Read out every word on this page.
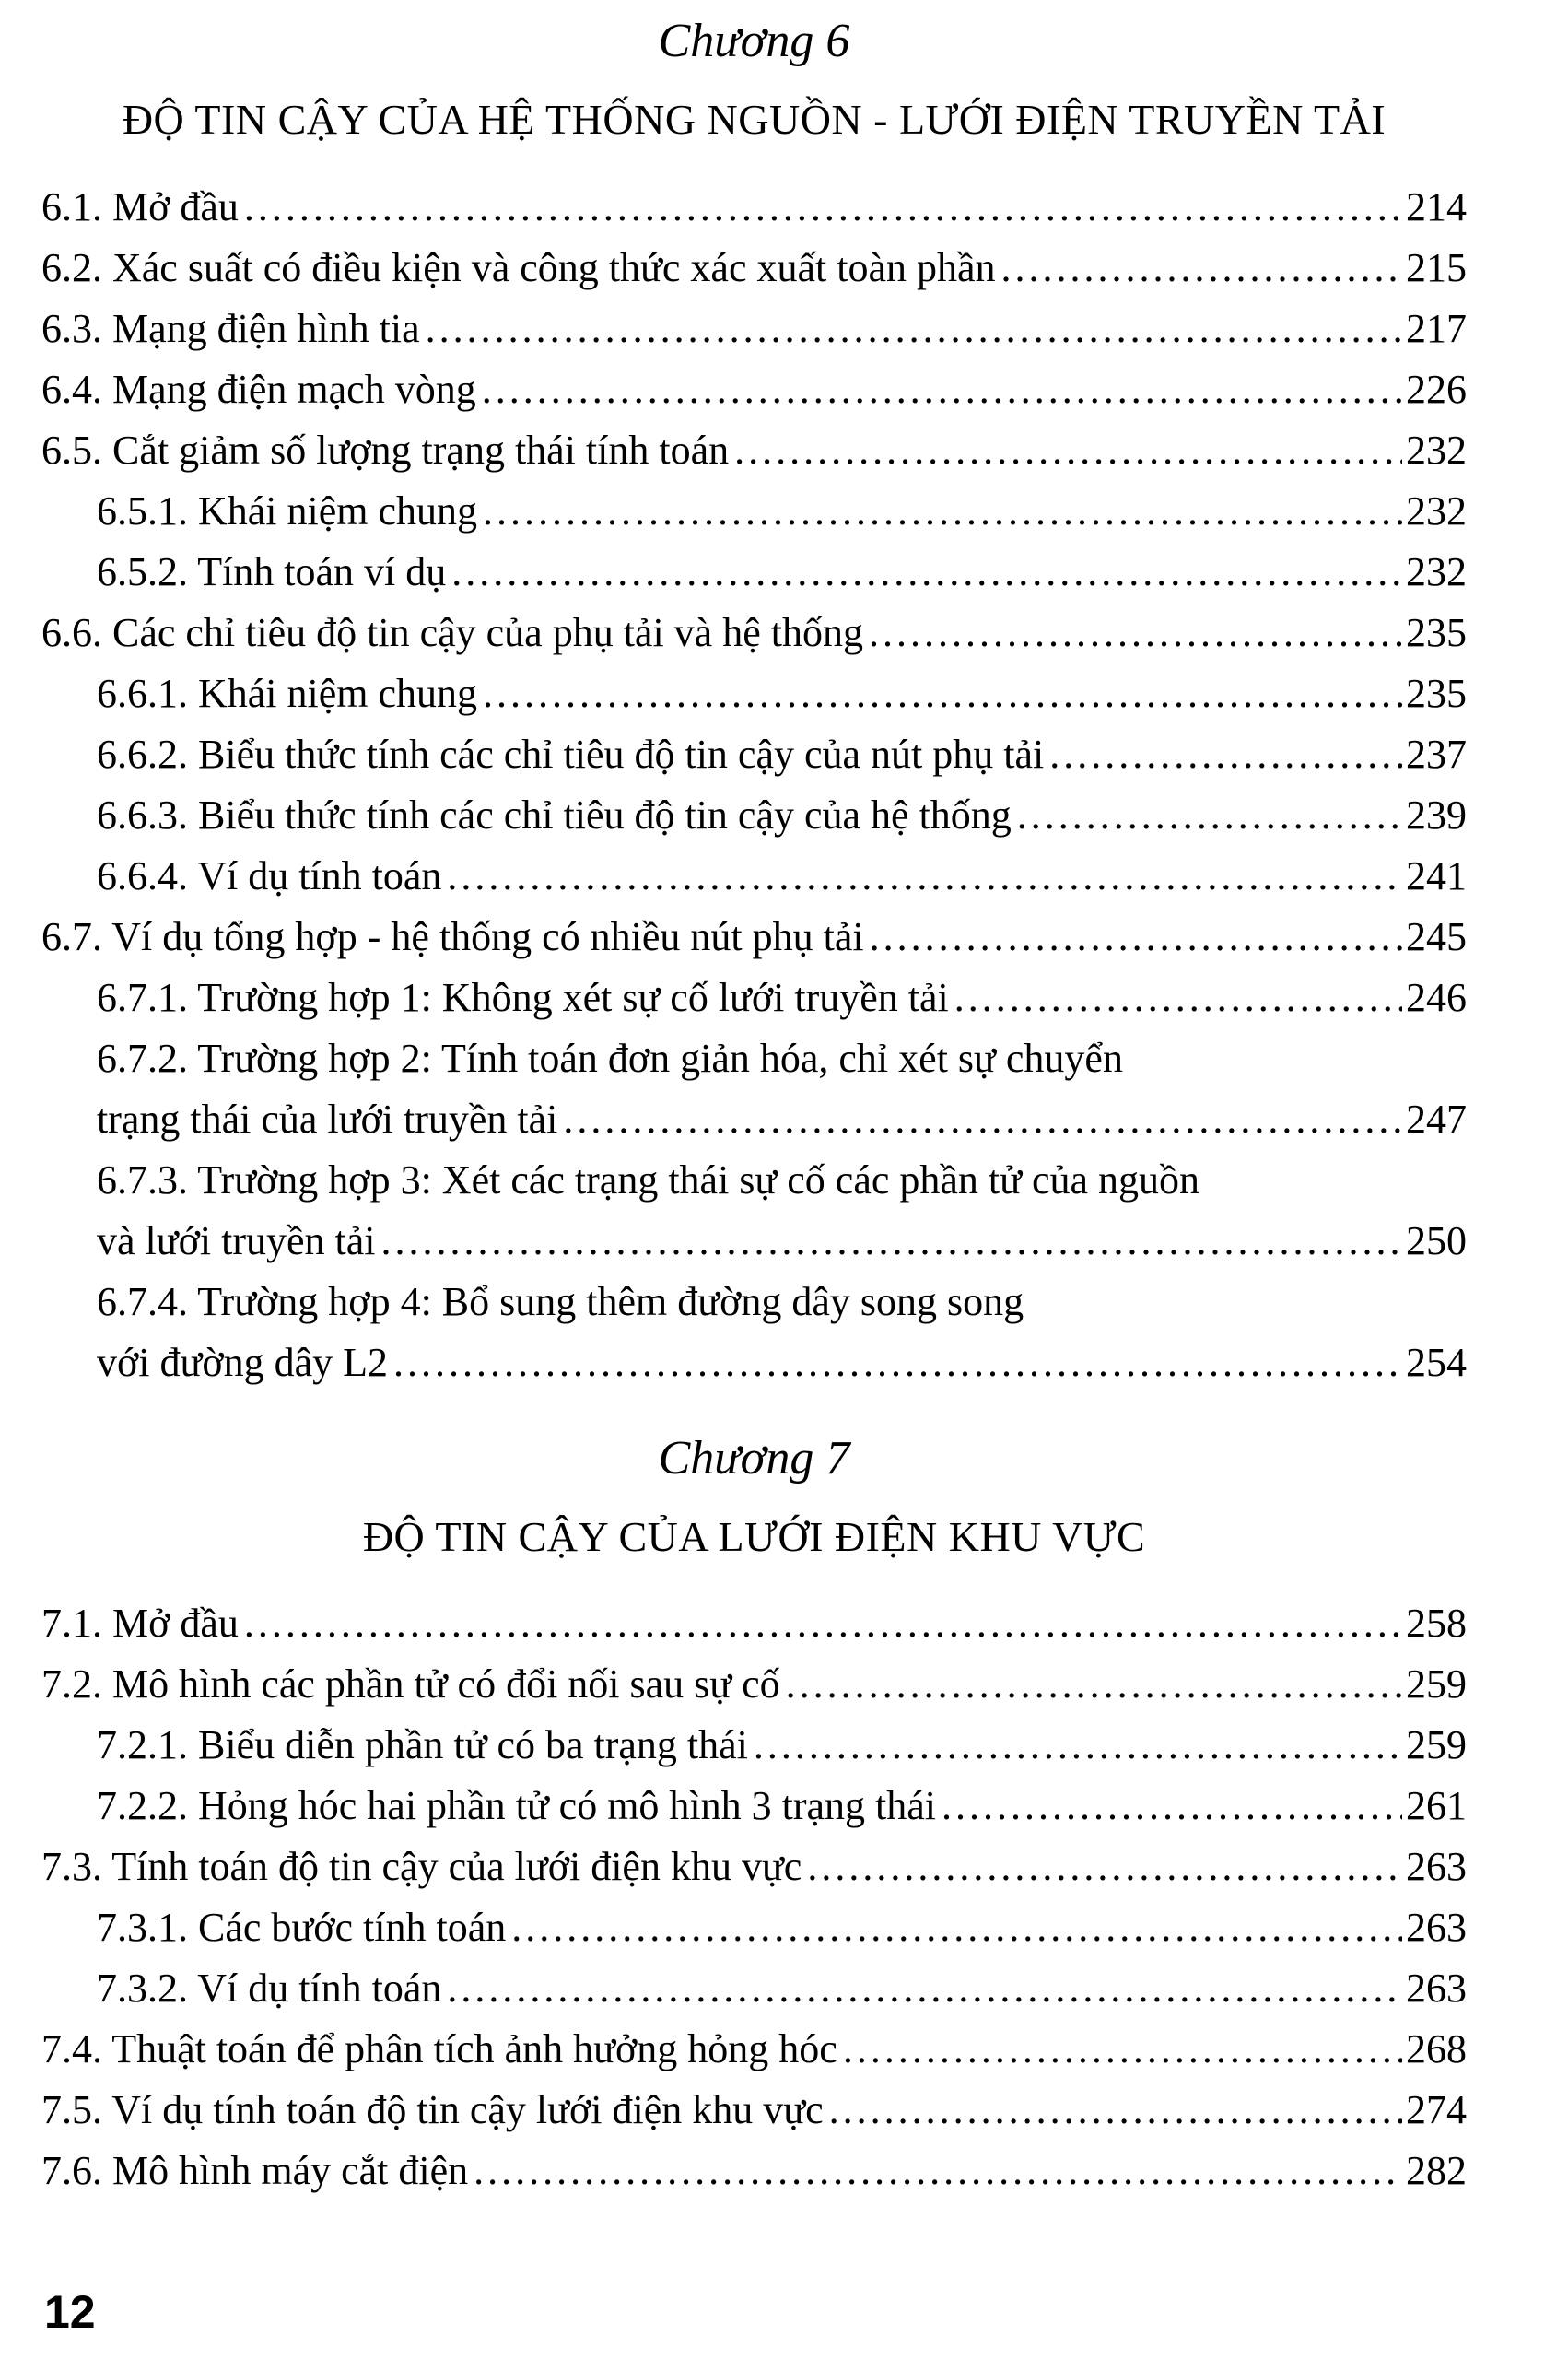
Chương 6
ĐỘ TIN CẬY CỦA HỆ THỐNG NGUỒN - LƯỚI ĐIỆN TRUYỀN TẢI
6.1. Mở đầu .....	214
6.2. Xác suất có điều kiện và công thức xác xuất toàn phần .....	215
6.3. Mạng điện hình tia .....	217
6.4. Mạng điện mạch vòng .....	226
6.5. Cắt giảm số lượng trạng thái tính toán .....	232
6.5.1. Khái niệm chung .....	232
6.5.2. Tính toán ví dụ .....	232
6.6. Các chỉ tiêu độ tin cậy của phụ tải và hệ thống .....	235
6.6.1. Khái niệm chung .....	235
6.6.2. Biểu thức tính các chỉ tiêu độ tin cậy của nút phụ tải .....	237
6.6.3. Biểu thức tính các chỉ tiêu độ tin cậy của hệ thống .....	239
6.6.4. Ví dụ tính toán .....	241
6.7. Ví dụ tổng hợp - hệ thống có nhiều nút phụ tải .....	245
6.7.1. Trường hợp 1: Không xét sự cố lưới truyền tải .....	246
6.7.2. Trường hợp 2: Tính toán đơn giản hóa, chỉ xét sự chuyển
trạng thái của lưới truyền tải .....	247
6.7.3. Trường hợp 3: Xét các trạng thái sự cố các phần tử của nguồn
và lưới truyền tải .....	250
6.7.4. Trường hợp 4: Bổ sung thêm đường dây song song
với đường dây L2 .....	254
Chương 7
ĐỘ TIN CẬY CỦA LƯỚI ĐIỆN KHU VỰC
7.1. Mở đầu .....	258
7.2. Mô hình các phần tử có đổi nối sau sự cố .....	259
7.2.1. Biểu diễn phần tử có ba trạng thái .....	259
7.2.2. Hỏng hóc hai phần tử có mô hình 3 trạng thái .....	261
7.3. Tính toán độ tin cậy của lưới điện khu vực .....	263
7.3.1. Các bước tính toán .....	263
7.3.2. Ví dụ tính toán .....	263
7.4. Thuật toán để phân tích ảnh hưởng hỏng hóc .....	268
7.5. Ví dụ tính toán độ tin cậy lưới điện khu vực .....	274
7.6. Mô hình máy cắt điện .....	282
12
